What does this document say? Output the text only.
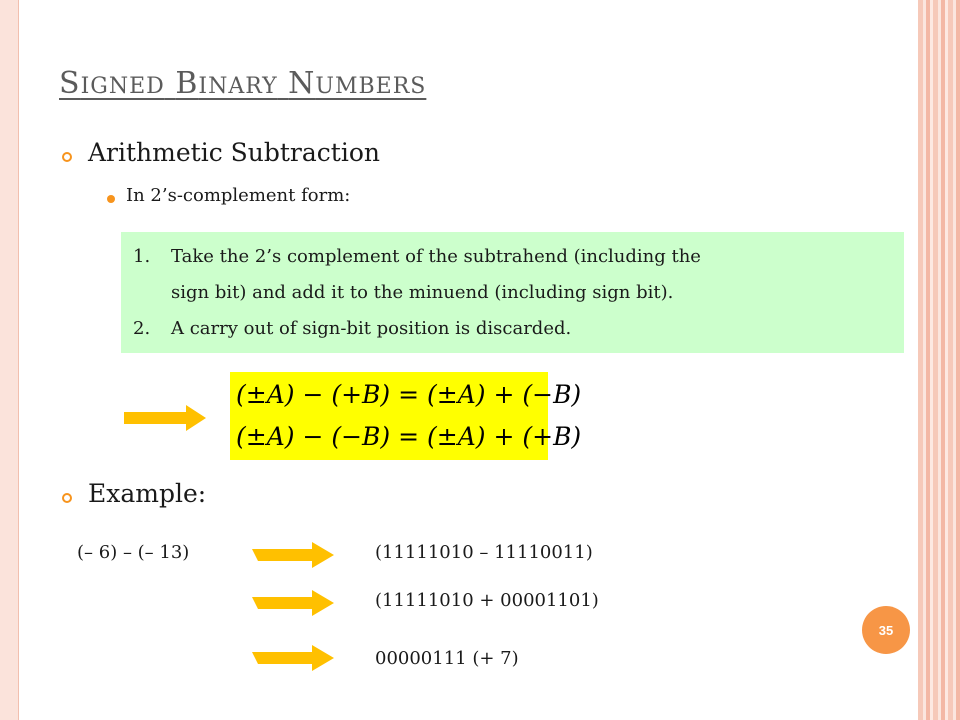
SIGNED BINARY NUMBERS
Arithmetic Subtraction
In 2’s-complement form:
1. Take the 2’s complement of the subtrahend (including the
sign bit) and add it to the minuend (including sign bit).
2. A carry out of sign-bit position is discarded.
(±A) − (+B) = (±A) + (−B)
(±A) − (−B) = (±A) + (+B)
Example:
(– 6) – (– 13)	(11111010 – 11110011)
(11111010 + 00001101)
00000111 (+ 7)
35
